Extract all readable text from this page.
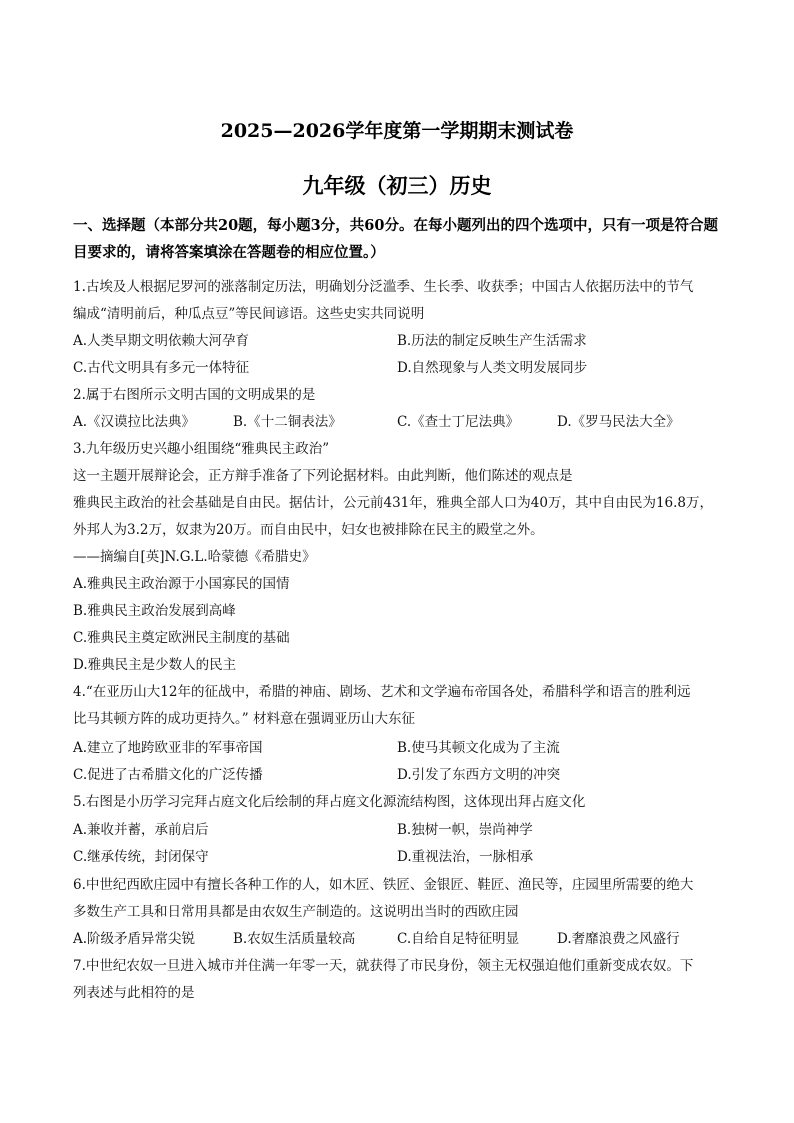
2025—2026学年度第一学期期末测试卷
九年级（初三）历史
一、选择题（本部分共20题，每小题3分，共60分。在每小题列出的四个选项中，只有一项是符合题目要求的，请将答案填涂在答题卷的相应位置。）
1.古埃及人根据尼罗河的涨落制定历法，明确划分泛滥季、生长季、收获季；中国古人依据历法中的节气
编成“清明前后，种瓜点豆”等民间谚语。这些史实共同说明
A.人类早期文明依赖大河孕育	B.历法的制定反映生产生活需求
C.古代文明具有多元一体特征	D.自然现象与人类文明发展同步
2.属于右图所示文明古国的文明成果的是
A.《汉谟拉比法典》	B.《十二铜表法》	C.《查士丁尼法典》	D.《罗马民法大全》
3.九年级历史兴趣小组围绕“雅典民主政治”
这一主题开展辩论会，正方辩手准备了下列论据材料。由此判断，他们陈述的观点是
雅典民主政治的社会基础是自由民。据估计，公元前431年，雅典全部人口为40万，其中自由民为16.8万，
外邦人为3.2万，奴隶为20万。而自由民中，妇女也被排除在民主的殿堂之外。
——摘编自[英]N.G.L.哈蒙德《希腊史》
A.雅典民主政治源于小国寡民的国情
B.雅典民主政治发展到高峰
C.雅典民主奠定欧洲民主制度的基础
D.雅典民主是少数人的民主
4.“在亚历山大12年的征战中，希腊的神庙、剧场、艺术和文学遍布帝国各处，希腊科学和语言的胜利远
比马其顿方阵的成功更持久。” 材料意在强调亚历山大东征
A.建立了地跨欧亚非的军事帝国	B.使马其顿文化成为了主流
C.促进了古希腊文化的广泛传播	D.引发了东西方文明的冲突
5.右图是小历学习完拜占庭文化后绘制的拜占庭文化源流结构图，这体现出拜占庭文化
A.兼收并蓄，承前启后	B.独树一帜，崇尚神学
C.继承传统，封闭保守	D.重视法治，一脉相承
6.中世纪西欧庄园中有擅长各种工作的人，如木匠、铁匠、金银匠、鞋匠、渔民等，庄园里所需要的绝大
多数生产工具和日常用具都是由农奴生产制造的。这说明出当时的西欧庄园
A.阶级矛盾异常尖锐	B.农奴生活质量较高	C.自给自足特征明显	D.奢靡浪费之风盛行
7.中世纪农奴一旦进入城市并住满一年零一天，就获得了市民身份，领主无权强迫他们重新变成农奴。下
列表述与此相符的是
